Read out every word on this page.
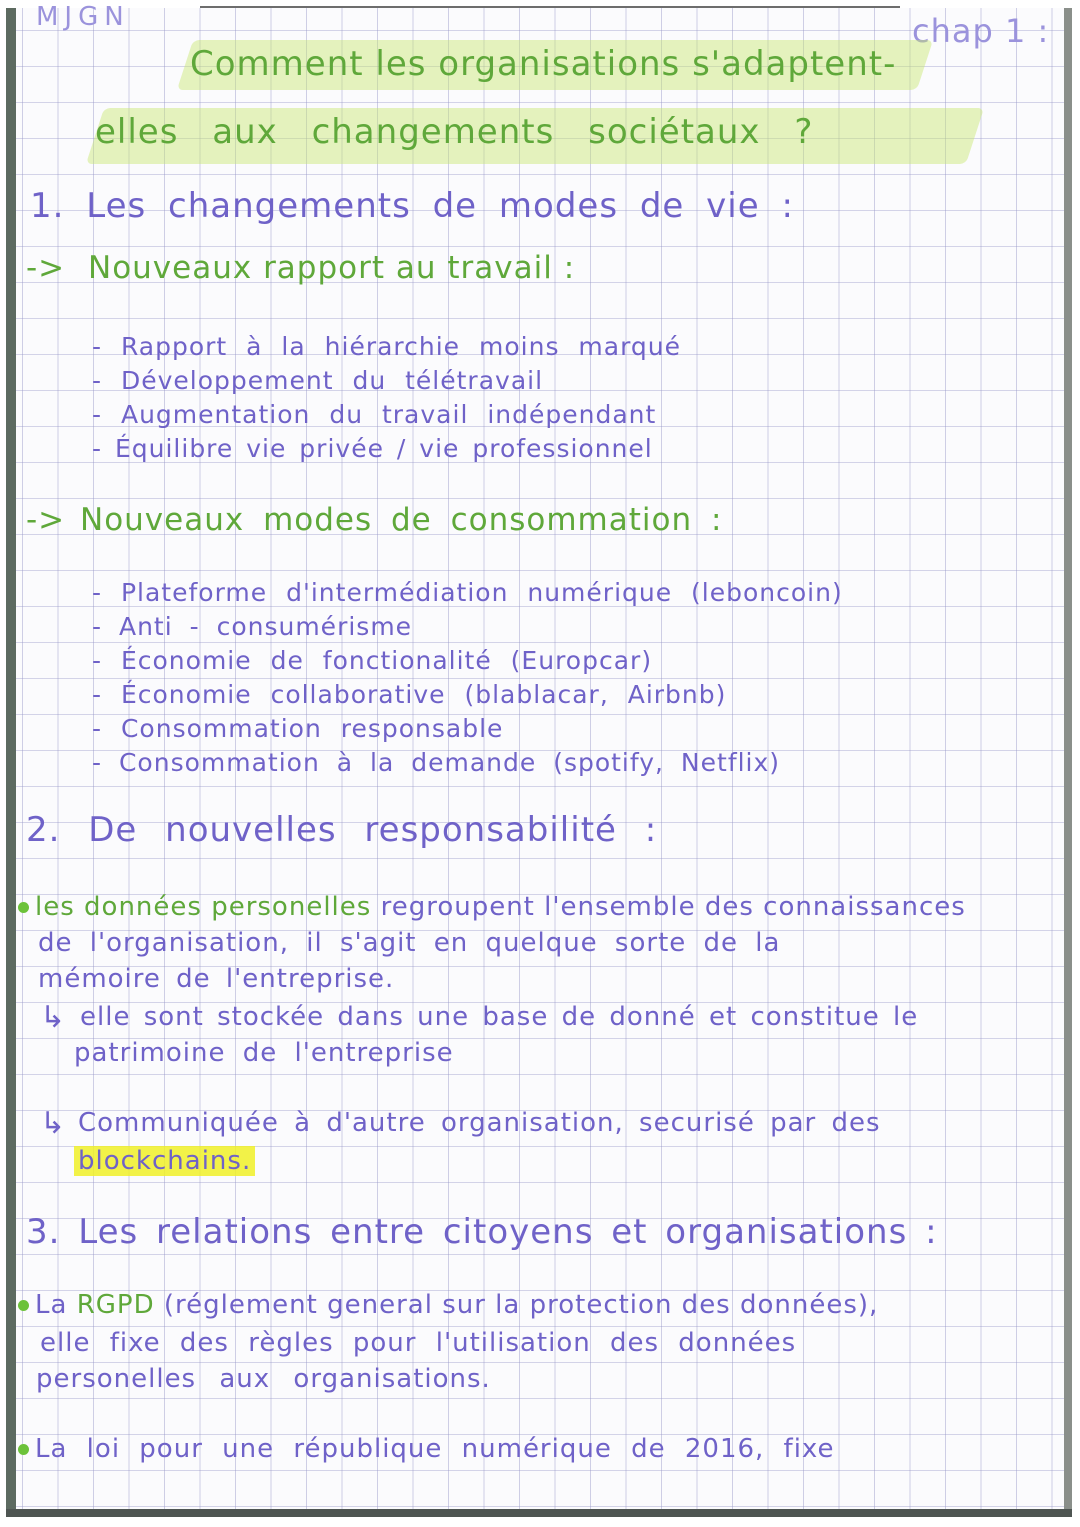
MJGN	chap 1 :
Comment les organisations s'adaptent-
elles aux changements sociétaux ?
1. Les changements de modes de vie :
-> Nouveaux rapport au travail :
- Rapport à la hiérarchie moins marqué
- Développement du télétravail
- Augmentation du travail indépendant
- Équilibre vie privée / vie professionnel
-> Nouveaux modes de consommation :
- Plateforme d'intermédiation numérique (leboncoin)
- Anti - consumérisme
- Économie de fonctionalité (Europcar)
- Économie collaborative (blablacar, Airbnb)
- Consommation responsable
- Consommation à la demande (spotify, Netflix)
2. De nouvelles responsabilité :
les données personelles regroupent l'ensemble des connaissances
de l'organisation, il s'agit en quelque sorte de la
mémoire de l'entreprise.
↳ elle sont stockée dans une base de donné et constitue le
patrimoine de l'entreprise
↳ Communiquée à d'autre organisation, securisé par des
blockchains.
3. Les relations entre citoyens et organisations :
La RGPD (réglement general sur la protection des données),
elle fixe des règles pour l'utilisation des données
personelles aux organisations.
La loi pour une république numérique de 2016, fixe
